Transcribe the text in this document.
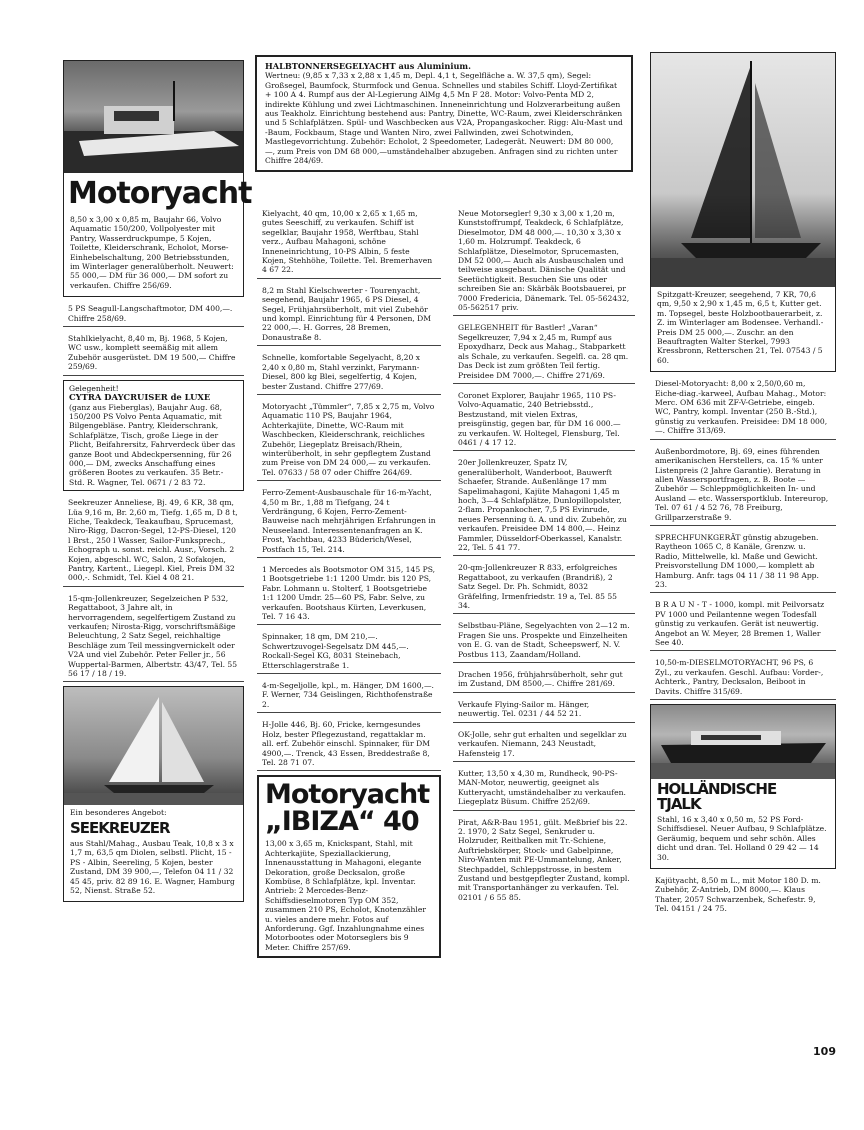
Motoryacht

8,50 x 3,00 x 0,85 m, Baujahr 66, Volvo Aquamatic 150/200, Vollpolyester mit Pantry, Wasserdruckpumpe, 5 Kojen, Toilette, Kleiderschrank, Echolot, Morse-Einhebelschaltung, 200 Betriebsstunden, im Winterlager generalüberholt. Neuwert: 55 000,— DM für 36 000,— DM sofort zu verkaufen. Chiffre 256/69.

5 PS Seagull-Langschaftmotor, DM 400,—. Chiffre 258/69.

Stahlkielyacht, 8,40 m, Bj. 1968, 5 Kojen, WC usw., komplett seemäßig mit allem Zubehör ausgerüstet. DM 19 500,— Chiffre 259/69.

Gelegenheit!

CYTRA DAYCRUISER de LUXE

(ganz aus Fieberglas), Baujahr Aug. 68, 150/200 PS Volvo Penta Aquamatic, mit Bilgengebläse. Pantry, Kleiderschrank, Schlafplätze, Tisch, große Liege in der Plicht, Beifahrersitz, Fahrverdeck über das ganze Boot und Abdeckpersenning, für 26 000,— DM, zwecks Anschaffung eines größeren Bootes zu verkaufen. 35 Betr.-Std. R. Wagner, Tel. 0671 / 2 83 72.

Seekreuzer Anneliese, Bj. 49, 6 KR, 38 qm, Lüa 9,16 m, Br. 2,60 m, Tiefg. 1,65 m, D 8 t, Eiche, Teakdeck, Teakaufbau, Sprucemast, Niro-Rigg, Dacron-Segel, 12-PS-Diesel, 120 l Brst., 250 l Wasser, Sailor-Funksprech., Echograph u. sonst. reichl. Ausr., Vorsch. 2 Kojen, abgeschl. WC, Salon, 2 Sofakojen, Pantry, Kartent., Liegepl. Kiel, Preis DM 32 000,-. Schmidt, Tel. Kiel 4 08 21.

15-qm-Jollenkreuzer, Segelzeichen P 532, Regattaboot, 3 Jahre alt, in hervorragendem, segelfertigem Zustand zu verkaufen; Nirosta-Rigg, vorschriftsmäßige Beleuchtung, 2 Satz Segel, reichhaltige Beschläge zum Teil messingvernickelt oder V2A und viel Zubehör. Peter Feller jr., 56 Wuppertal-Barmen, Albertstr. 43/47, Tel. 55 56 17 / 18 / 19.

Ein besonderes Angebot:

SEEKREUZER

aus Stahl/Mahag., Ausbau Teak, 10,8 x 3 x 1,7 m, 63,5 qm Diolen, selbstl. Plicht, 15 - PS - Albin, Seereling, 5 Kojen, bester Zustand, DM 39 900,—, Telefon 04 11 / 32 45 45, priv. 82 89 16. E. Wagner, Hamburg 52, Nienst. Straße 52.

HALBTONNERSEGELYACHT aus Aluminium.

Wertneu: (9,85 x 7,33 x 2,88 x 1,45 m, Depl. 4,1 t, Segelfläche a. W. 37,5 qm), Segel: Großsegel, Baumfock, Sturmfock und Genua. Schnelles und stabiles Schiff. Lloyd-Zertifikat + 100 A 4. Rumpf aus der Al-Legierung AlMg 4,5 Mn F 28. Motor: Volvo-Penta MD 2, indirekte Kühlung und zwei Lichtmaschinen. Inneneinrichtung und Holzverarbeitung außen aus Teakholz. Einrichtung bestehend aus: Pantry, Dinette, WC-Raum, zwei Kleiderschränken und 5 Schlafplätzen. Spül- und Waschbecken aus V2A, Propangaskocher. Rigg: Alu-Mast und -Baum, Fockbaum, Stage und Wanten Niro, zwei Fallwinden, zwei Schotwinden, Mastlegevorrichtung. Zubehör: Echolot, 2 Speedometer, Ladegerät. Neuwert: DM 80 000,—, zum Preis von DM 68 000,—umständehalber abzugeben. Anfragen sind zu richten unter Chiffre 284/69.

Kielyacht, 40 qm, 10,00 x 2,65 x 1,65 m, gutes Seeschiff, zu verkaufen. Schiff ist segelklar, Baujahr 1958, Werftbau, Stahl verz., Aufbau Mahagoni, schöne Inneneinrichtung, 10-PS Albin, 5 feste Kojen, Stehhöhe, Toilette. Tel. Bremerhaven 4 67 22.

8,2 m Stahl Kielschwerter - Tourenyacht, seegehend, Baujahr 1965, 6 PS Diesel, 4 Segel, Frühjahrsüberholt, mit viel Zubehör und kompl. Einrichtung für 4 Personen, DM 22 000,—. H. Gorres, 28 Bremen, Donaustraße 8.

Schnelle, komfortable Segelyacht, 8,20 x 2,40 x 0,80 m, Stahl verzinkt, Farymann-Diesel, 800 kg Blei, segelfertig, 4 Kojen, bester Zustand. Chiffre 277/69.

Motoryacht „Tümmler“, 7,85 x 2,75 m, Volvo Aquamatic 110 PS, Baujahr 1964, Achterkajüte, Dinette, WC-Raum mit Waschbecken, Kleiderschrank, reichliches Zubehör, Liegeplatz Breisach/Rhein, winterüberholt, in sehr gepflegtem Zustand zum Preise von DM 24 000,— zu verkaufen. Tel. 07633 / 58 07 oder Chiffre 264/69.

Ferro-Zement-Ausbauschale für 16-m-Yacht, 4,50 m Br., 1,88 m Tiefgang, 24 t Verdrängung, 6 Kojen, Ferro-Zement-Bauweise nach mehrjährigen Erfahrungen in Neuseeland. Interessentenanfragen an K. Frost, Yachtbau, 4233 Büderich/Wesel, Postfach 15, Tel. 214.

1 Mercedes als Bootsmotor OM 315, 145 PS, 1 Bootsgetriebe 1:1 1200 Umdr. bis 120 PS, Fabr. Lohmann u. Stolterf, 1 Bootsgetriebe 1:1 1200 Umdr. 25—60 PS, Fabr. Selve, zu verkaufen. Bootshaus Kürten, Leverkusen, Tel. 7 16 43.

Spinnaker, 18 qm, DM 210,—. Schwertzuvogel-Segelsatz DM 445,—. Rockall-Segel KG, 8031 Steinebach, Etterschlagerstraße 1.

4-m-Segeljolle, kpl., m. Hänger, DM 1600,—. F. Werner, 734 Geislingen, Richthofenstraße 2.

H-Jolle 446, Bj. 60, Fricke, kerngesundes Holz, bester Pflegezustand, regattaklar m. all. erf. Zubehör einschl. Spinnaker, für DM 4900,—. Trenck, 43 Essen, Breddestraße 8, Tel. 28 71 07.

Motoryacht

„IBIZA“ 40

13,00 x 3,65 m, Knickspant, Stahl, mit Achterkajüte, Speziallackierung, Innenausstattung in Mahagoni, elegante Dekoration, große Decksalon, große Kombüse, 8 Schlafplätze, kpl. Inventar. Antrieb: 2 Mercedes-Benz-Schiffsdieselmotoren Typ OM 352, zusammen 210 PS, Echolot, Knotenzähler u. vieles andere mehr. Fotos auf Anforderung. Ggf. Inzahlungnahme eines Motorbootes oder Motorseglers bis 9 Meter. Chiffre 257/69.

Neue Motorsegler! 9,30 x 3,00 x 1,20 m, Kunststoffrumpf, Teakdeck, 6 Schlafplätze, Dieselmotor, DM 48 000,—. 10,30 x 3,30 x 1,60 m. Holzrumpf. Teakdeck, 6 Schlafplätze, Dieselmotor, Sprucemasten, DM 52 000,— Auch als Ausbauschalen und teilweise ausgebaut. Dänische Qualität und Seetüchtigkeit. Besuchen Sie uns oder schreiben Sie an: Skärbäk Bootsbauerei, pr 7000 Fredericia, Dänemark. Tel. 05-562432, 05-562517 priv.

GELEGENHEIT für Bastler! „Varan“ Segelkreuzer, 7,94 x 2,45 m, Rumpf aus Epoxydharz, Deck aus Mahag., Stabparkett als Schale, zu verkaufen. Segelfl. ca. 28 qm. Das Deck ist zum größten Teil fertig. Preisidee DM 7000,—. Chiffre 271/69.

Coronet Explorer, Baujahr 1965, 110 PS-Volvo-Aquamatic, 240 Betriebsstd., Bestzustand, mit vielen Extras, preisgünstig, gegen bar, für DM 16 000.— zu verkaufen. W. Holtegel, Flensburg, Tel. 0461 / 4 17 12.

20er Jollenkreuzer, Spatz IV, generalüberholt, Wanderboot, Bauwerft Schaefer, Strande. Außenlänge 17 mm Sapelimahagoni, Kajüte Mahagoni 1,45 m hoch, 3—4 Schlafplätze, Dunlopillopolster, 2-flam. Propankocher, 7,5 PS Evinrude, neues Persenning ü. A. und div. Zubehör, zu verkaufen. Preisidee DM 14 800,—. Heinz Fammler, Düsseldorf-Oberkassel, Kanalstr. 22, Tel. 5 41 77.

20-qm-Jollenkreuzer R 833, erfolgreiches Regattaboot, zu verkaufen (Brandriß), 2 Satz Segel. Dr. Ph. Schmidt, 8032 Gräfelfing, Irmenfriedstr. 19 a, Tel. 85 55 34.

Selbstbau-Pläne, Segelyachten von 2—12 m. Fragen Sie uns. Prospekte und Einzelheiten von E. G. van de Stadt, Scheepswerf, N. V. Postbus 113, Zaandam/Holland.

Drachen 1956, frühjahrsüberholt, sehr gut im Zustand, DM 8500,—. Chiffre 281/69.

Verkaufe Flying-Sailor m. Hänger, neuwertig. Tel. 0231 / 44 52 21.

OK-Jolle, sehr gut erhalten und segelklar zu verkaufen. Niemann, 243 Neustadt, Hafensteig 17.

Kutter, 13,50 x 4,30 m, Rundheck, 90-PS-MAN-Motor, neuwertig, geeignet als Kutteryacht, umständehalber zu verkaufen. Liegeplatz Büsum. Chiffre 252/69.

Pirat, A&R-Bau 1951, gült. Meßbrief bis 22. 2. 1970, 2 Satz Segel, Senkruder u. Holzruder, Reitbalken mit Tr.-Schiene, Auftriebskörper, Stock- und Gabelpinne, Niro-Wanten mit PE-Ummantelung, Anker, Stechpaddel, Schleppstrosse, in bestem Zustand und bestgepflegter Zustand, kompl. mit Transportanhänger zu verkaufen. Tel. 02101 / 6 55 85.

Spitzgatt-Kreuzer, seegehend, 7 KR, 70,6 qm, 9,50 x 2,90 x 1,45 m, 6,5 t, Kutter get. m. Topsegel, beste Holzbootbauerarbeit, z. Z. im Winterlager am Bodensee. Verhandl.-Preis DM 25 000,—. Zuschr. an den Beauftragten Walter Sterkel, 7993 Kressbronn, Retterschen 21, Tel. 07543 / 5 60.

Diesel-Motoryacht: 8,00 x 2,50/0,60 m, Eiche-diag.-karweel, Aufbau Mahag., Motor: Merc. OM 636 mit ZF-V-Getriebe, eingeb. WC, Pantry, kompl. Inventar (250 B.-Std.), günstig zu verkaufen. Preisidee: DM 18 000,—. Chiffre 313/69.

Außenbordmotore, Bj. 69, eines führenden amerikanischen Herstellers, ca. 15 % unter Listenpreis (2 Jahre Garantie). Beratung in allen Wassersportfragen, z. B. Boote — Zubehör — Schleppmöglichkeiten In- und Ausland — etc. Wassersportklub. Intereurop, Tel. 07 61 / 4 52 76, 78 Freiburg, Grillparzerstraße 9.

SPRECHFUNKGERÄT günstig abzugeben. Raytheon 1065 C, 8 Kanäle, Grenzw. u. Radio, Mittelwelle, kl. Maße und Gewicht. Preisvorstellung DM 1000,— komplett ab Hamburg. Anfr. tags 04 11 / 38 11 98 App. 23.

B R A U N - T - 1000, kompl. mit Peilvorsatz PV 1000 und Peilantenne wegen Todesfall günstig zu verkaufen. Gerät ist neuwertig. Angebot an W. Meyer, 28 Bremen 1, Waller See 40.

10,50-m-DIESELMOTORYACHT, 96 PS, 6 Zyl., zu verkaufen. Geschl. Aufbau: Vorder-, Achterk., Pantry, Decksalon, Beiboot in Davits. Chiffre 315/69.

HOLLÄNDISCHE

TJALK

Stahl, 16 x 3,40 x 0,50 m, 52 PS Ford-Schiffsdiesel. Neuer Aufbau, 9 Schlafplätze. Geräumig, bequem und sehr schön. Alles dicht und dran. Tel. Holland 0 29 42 — 14 30.

Kajütyacht, 8,50 m L., mit Motor 180 D. m. Zubehör, Z-Antrieb, DM 8000,—. Klaus Thater, 2057 Schwarzenbek, Schefestr. 9, Tel. 04151 / 24 75.

109
